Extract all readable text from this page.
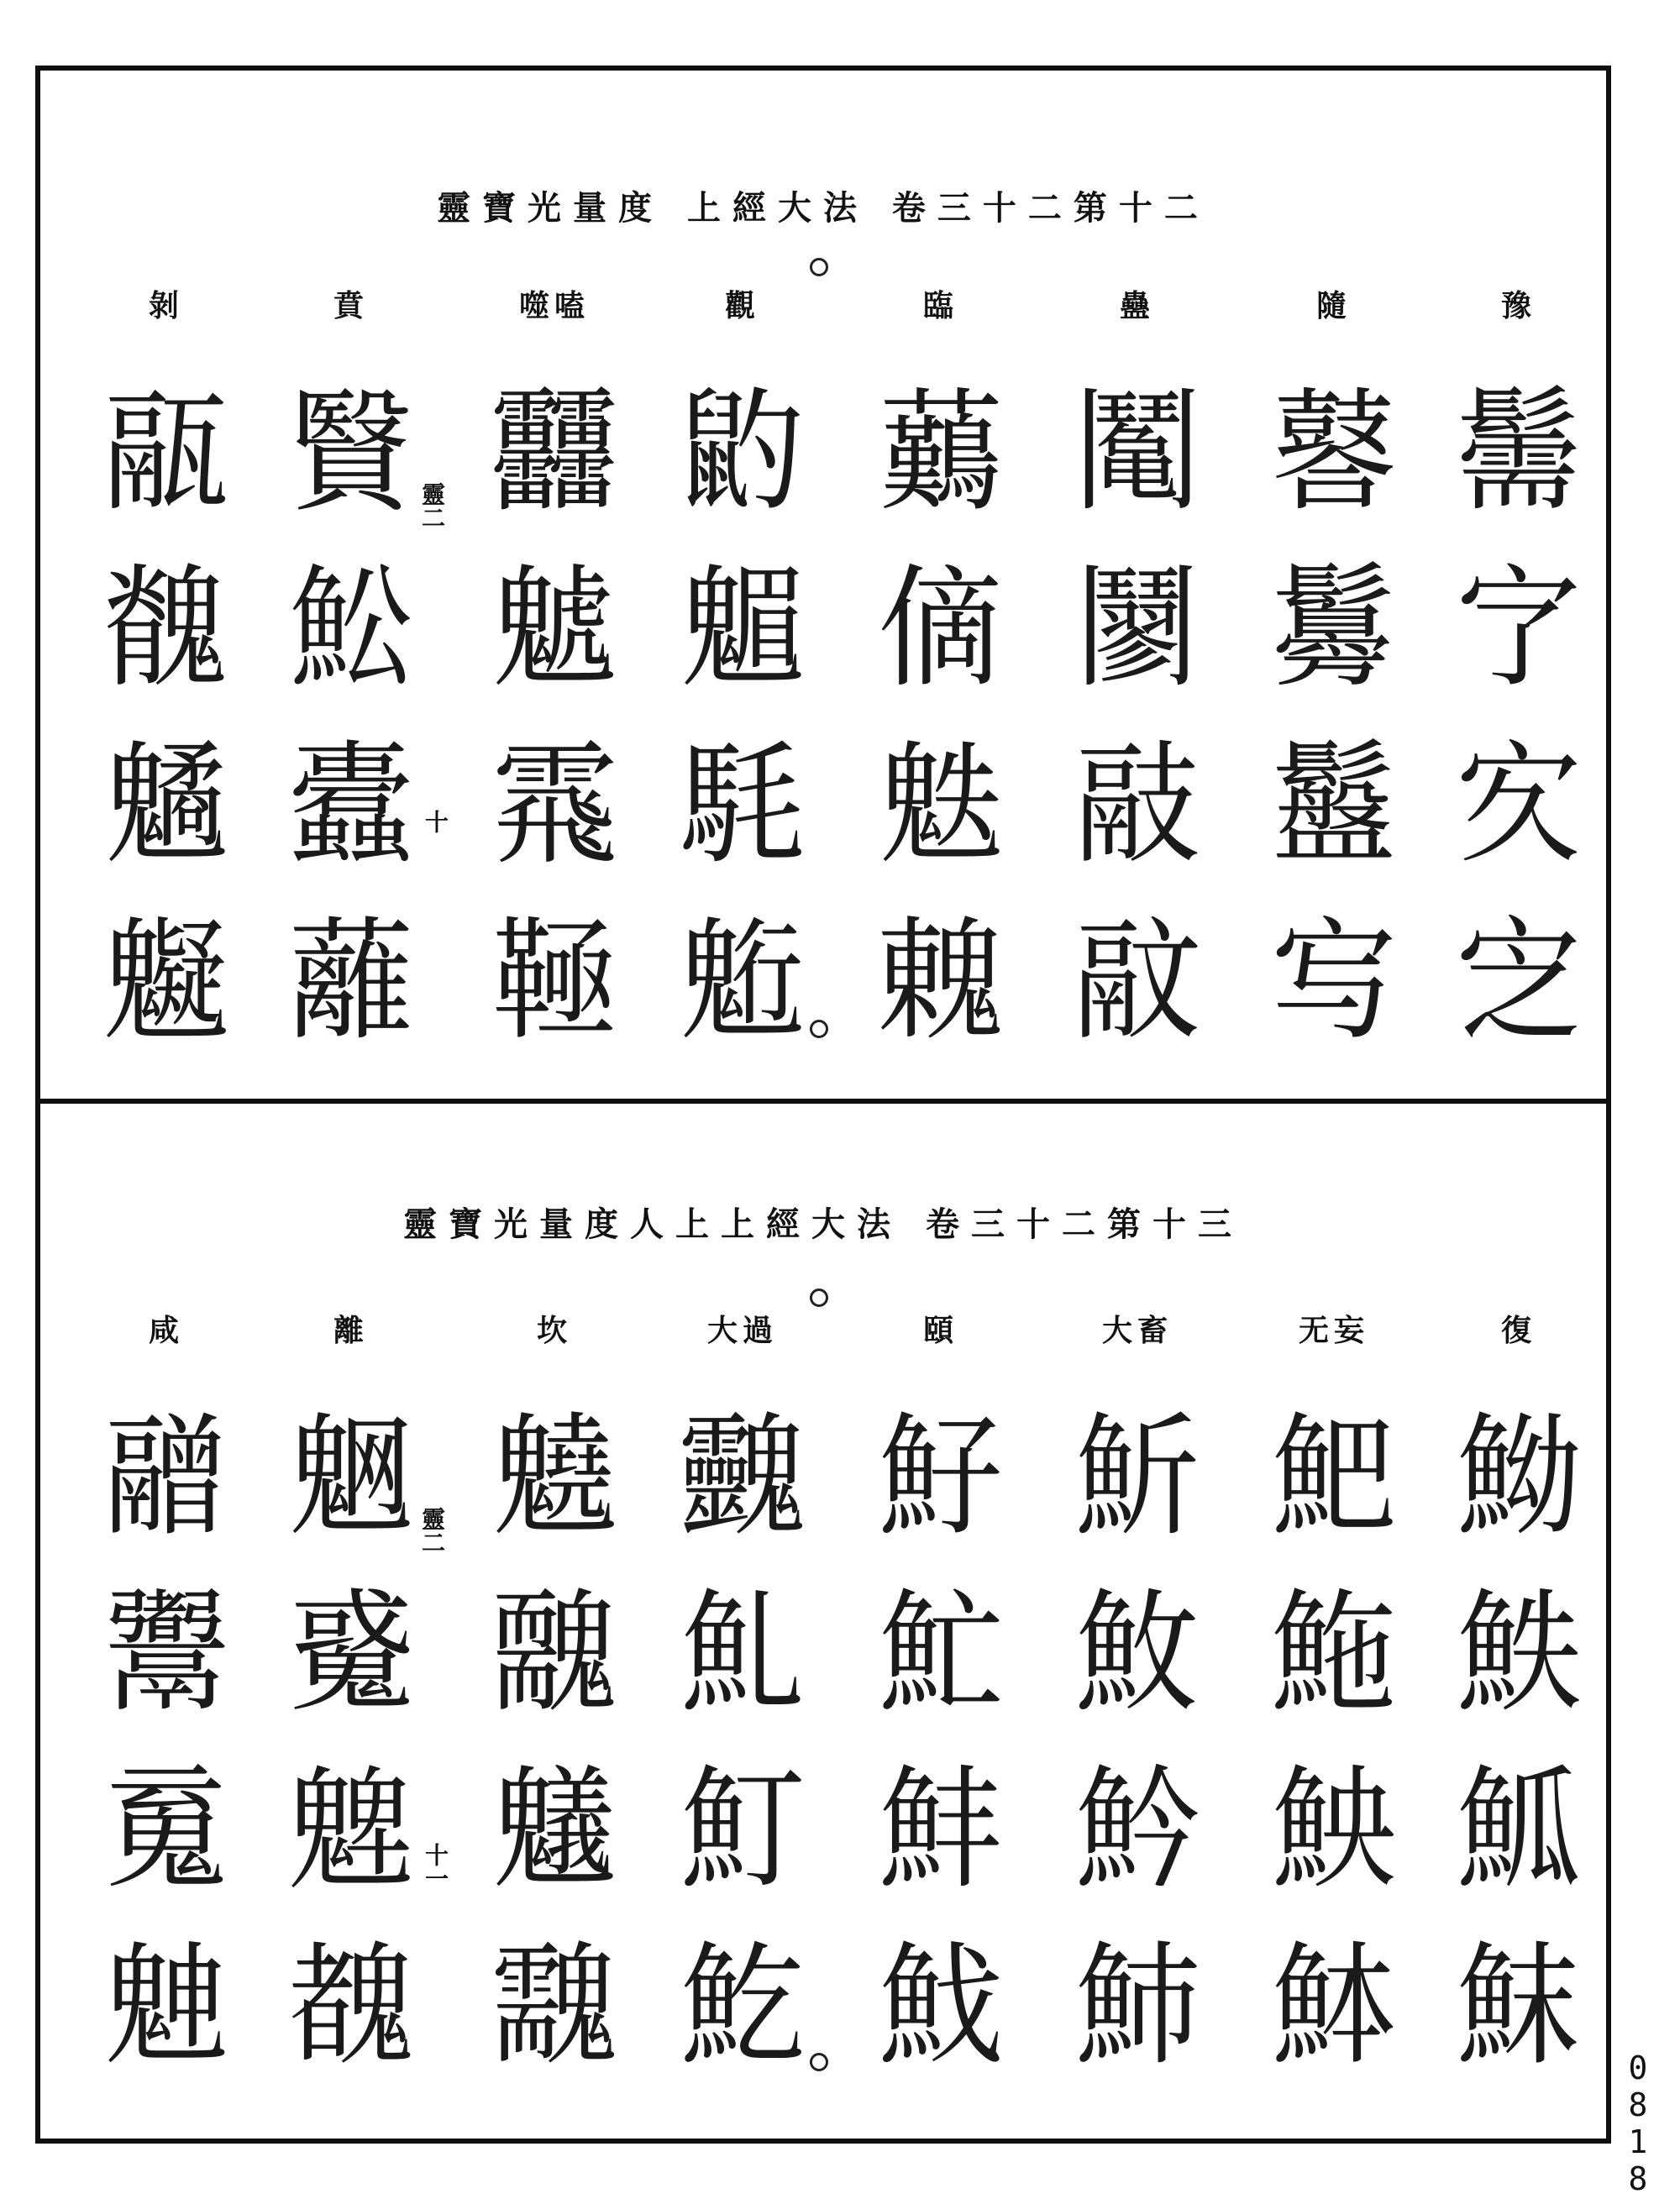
二十第二十三卷 法大經上 度量光寶靈
靈二
十
剝
䰛
䰪
䰬
䰯
賁
贀
䰸
蠹
蘺
噬嗑
䨻
䰧
䬠
䩯
觀
䶂
䰨
䭷
䰢
臨
䕿
㒀
䰡
䰤
蠱
䰗
䰘
䰙
䰚
隨
䶀
䰓
䰔
㝍
豫
䰑
㝋
㝌
㝎
三十第二十三卷 法大經上上人度量光寶靈
靈二
十一
咸
䰝
䰞
䰟
䰠
離
䰣
䰥
䰦
䰩
坎
䰫
䰭
䰮
䰰
大過
䰱
䰲
䰳
䰴
頤
䰵
䰶
䰷
䰹
大畜
䰺
䰻
䰼
䰽
无妄
䰾
䰿
䱀
䱁
復
䱂
䱃
䱄
䱅	0
8
1
8
